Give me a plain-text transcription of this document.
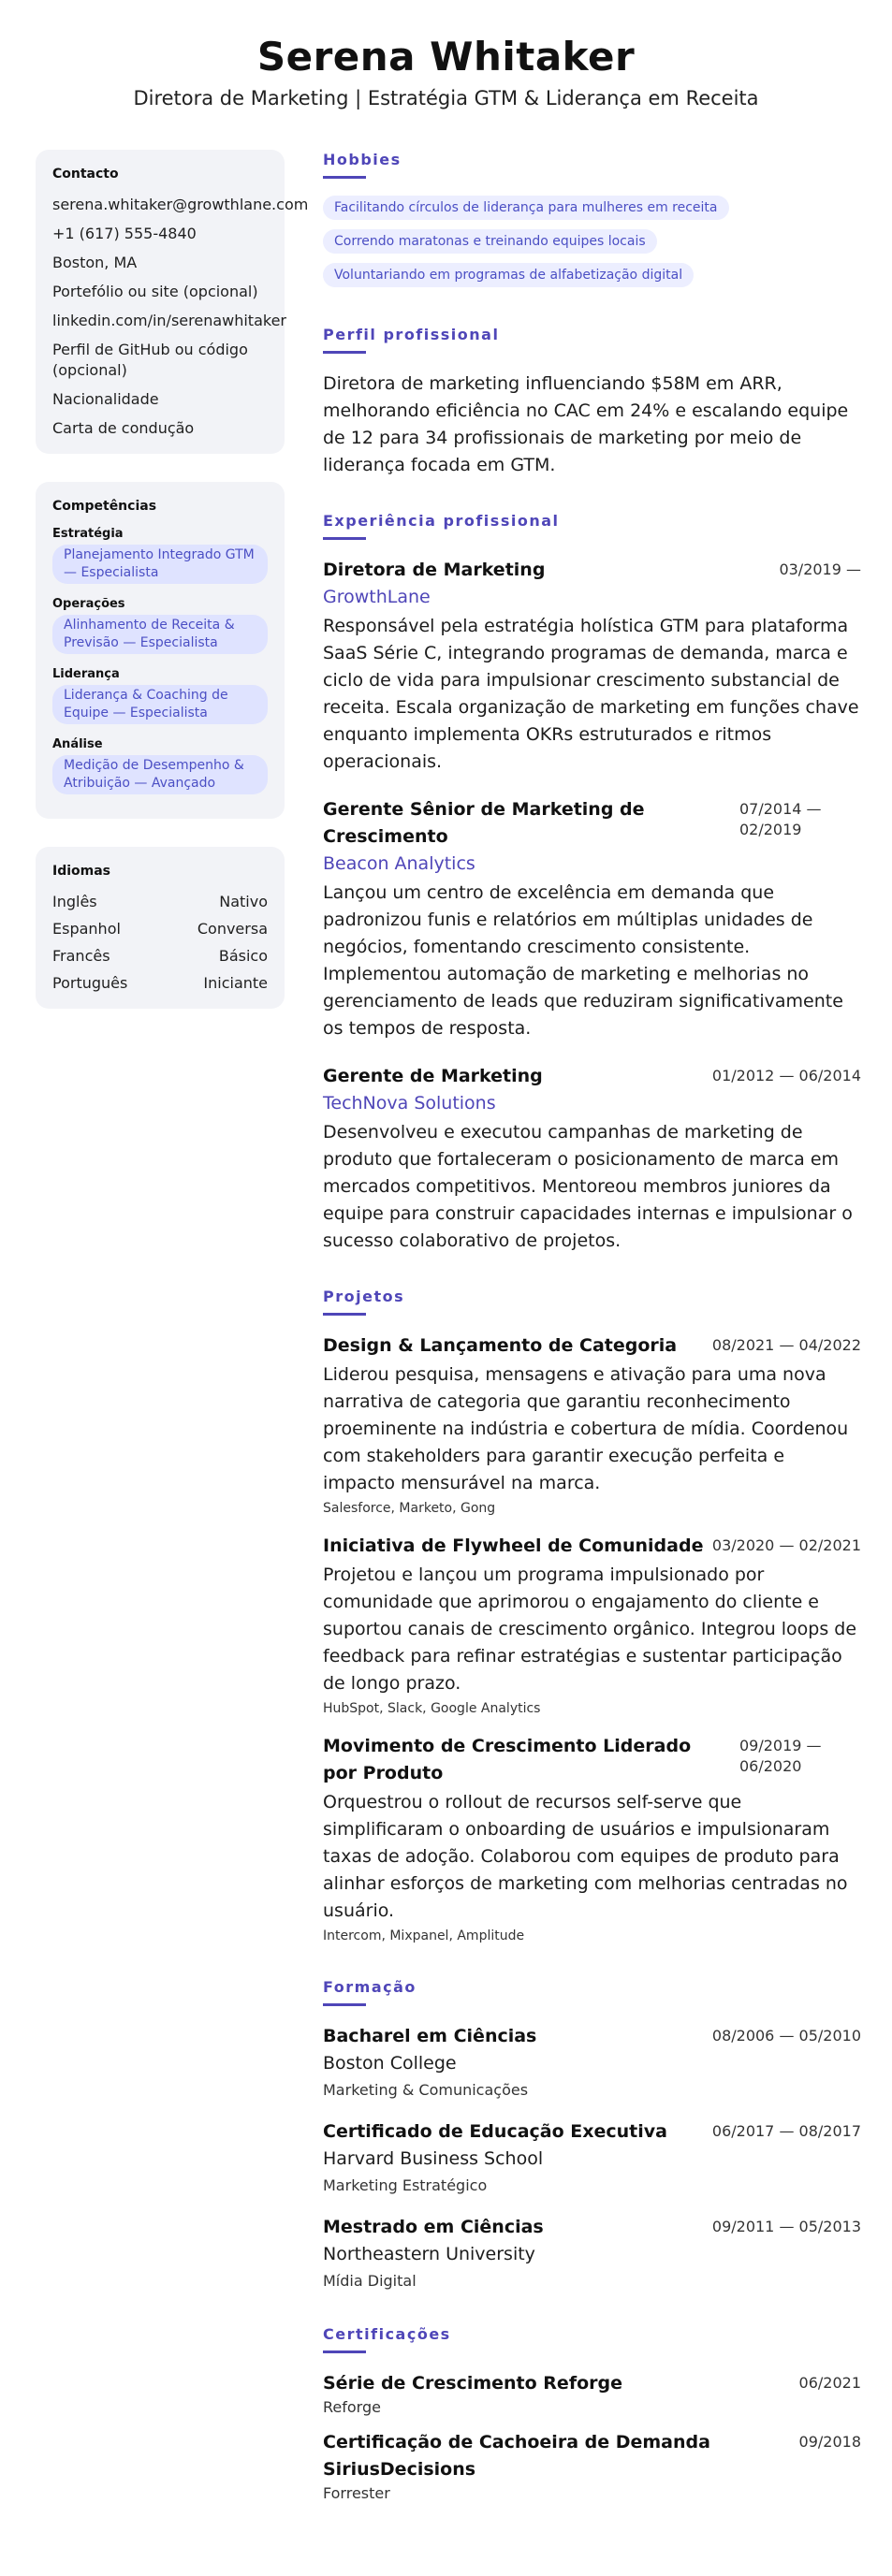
Serena Whitaker
Diretora de Marketing | Estratégia GTM & Liderança em Receita
Contacto
serena.whitaker@growthlane.com
+1 (617) 555-4840
Boston, MA
Portefólio ou site (opcional)
linkedin.com/in/serenawhitaker
Perfil de GitHub ou código (opcional)
Nacionalidade
Carta de condução
Competências
Estratégia
Planejamento Integrado GTM — Especialista
Operações
Alinhamento de Receita & Previsão — Especialista
Liderança
Liderança & Coaching de Equipe — Especialista
Análise
Medição de Desempenho & Atribuição — Avançado
Idiomas
Inglês	Nativo
Espanhol	Conversa
Francês	Básico
Português	Iniciante
Hobbies
Facilitando círculos de liderança para mulheres em receita
Correndo maratonas e treinando equipes locais
Voluntariando em programas de alfabetização digital
Perfil profissional
Diretora de marketing influenciando $58M em ARR, melhorando eficiência no CAC em 24% e escalando equipe de 12 para 34 profissionais de marketing por meio de liderança focada em GTM.
Experiência profissional
Diretora de Marketing	03/2019 —
GrowthLane
Responsável pela estratégia holística GTM para plataforma SaaS Série C, integrando programas de demanda, marca e ciclo de vida para impulsionar crescimento substancial de receita. Escala organização de marketing em funções chave enquanto implementa OKRs estruturados e ritmos operacionais.
Gerente Sênior de Marketing de Crescimento
07/2014 — 02/2019
Beacon Analytics
Lançou um centro de excelência em demanda que padronizou funis e relatórios em múltiplas unidades de negócios, fomentando crescimento consistente. Implementou automação de marketing e melhorias no gerenciamento de leads que reduziram significativamente os tempos de resposta.
Gerente de Marketing	01/2012 — 06/2014
TechNova Solutions
Desenvolveu e executou campanhas de marketing de produto que fortaleceram o posicionamento de marca em mercados competitivos. Mentoreou membros juniores da equipe para construir capacidades internas e impulsionar o sucesso colaborativo de projetos.
Projetos
Design & Lançamento de Categoria 08/2021 — 04/2022
Liderou pesquisa, mensagens e ativação para uma nova narrativa de categoria que garantiu reconhecimento proeminente na indústria e cobertura de mídia. Coordenou com stakeholders para garantir execução perfeita e impacto mensurável na marca.
Salesforce, Marketo, Gong
Iniciativa de Flywheel de Comunidade 03/2020 — 02/2021
Projetou e lançou um programa impulsionado por comunidade que aprimorou o engajamento do cliente e suportou canais de crescimento orgânico. Integrou loops de feedback para refinar estratégias e sustentar participação de longo prazo.
HubSpot, Slack, Google Analytics
Movimento de Crescimento Liderado por Produto
09/2019 — 06/2020
Orquestrou o rollout de recursos self-serve que simplificaram o onboarding de usuários e impulsionaram taxas de adoção. Colaborou com equipes de produto para alinhar esforços de marketing com melhorias centradas no usuário.
Intercom, Mixpanel, Amplitude
Formação
Bacharel em Ciências	08/2006 — 05/2010
Boston College
Marketing & Comunicações
Certificado de Educação Executiva	06/2017 — 08/2017
Harvard Business School
Marketing Estratégico
Mestrado em Ciências	09/2011 — 05/2013
Northeastern University
Mídia Digital
Certificações
Série de Crescimento Reforge	06/2021
Reforge
Certificação de Cachoeira de Demanda SiriusDecisions
09/2018
Forrester
